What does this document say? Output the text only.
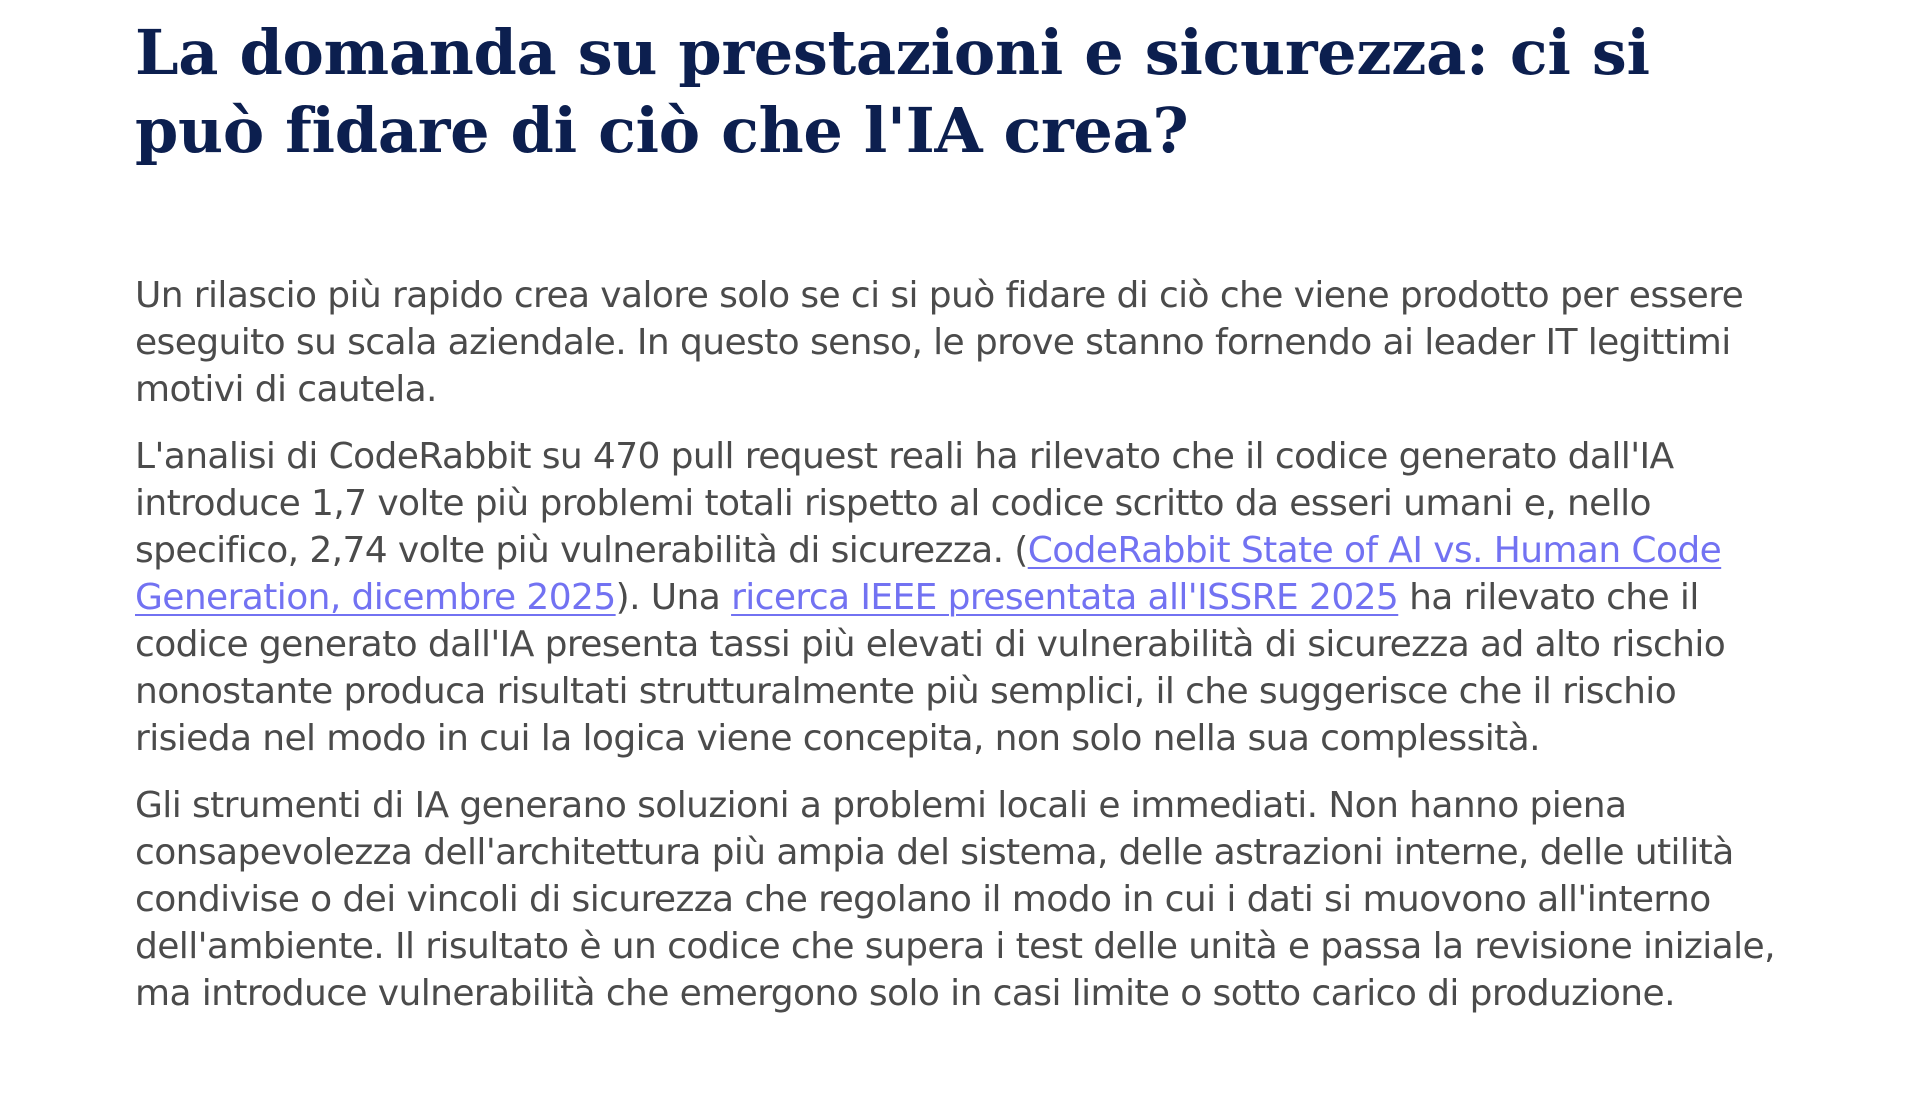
La domanda su prestazioni e sicurezza: ci si può fidare di ciò che l'IA crea?

Un rilascio più rapido crea valore solo se ci si può fidare di ciò che viene prodotto per essere eseguito su scala aziendale. In questo senso, le prove stanno fornendo ai leader IT legittimi motivi di cautela.

L'analisi di CodeRabbit su 470 pull request reali ha rilevato che il codice generato dall'IA introduce 1,7 volte più problemi totali rispetto al codice scritto da esseri umani e, nello specifico, 2,74 volte più vulnerabilità di sicurezza. (CodeRabbit State of AI vs. Human Code Generation, dicembre 2025). Una ricerca IEEE presentata all'ISSRE 2025 ha rilevato che il codice generato dall'IA presenta tassi più elevati di vulnerabilità di sicurezza ad alto rischio nonostante produca risultati strutturalmente più semplici, il che suggerisce che il rischio risieda nel modo in cui la logica viene concepita, non solo nella sua complessità.

Gli strumenti di IA generano soluzioni a problemi locali e immediati. Non hanno piena consapevolezza dell'architettura più ampia del sistema, delle astrazioni interne, delle utilità condivise o dei vincoli di sicurezza che regolano il modo in cui i dati si muovono all'interno dell'ambiente. Il risultato è un codice che supera i test delle unità e passa la revisione iniziale, ma introduce vulnerabilità che emergono solo in casi limite o sotto carico di produzione.
